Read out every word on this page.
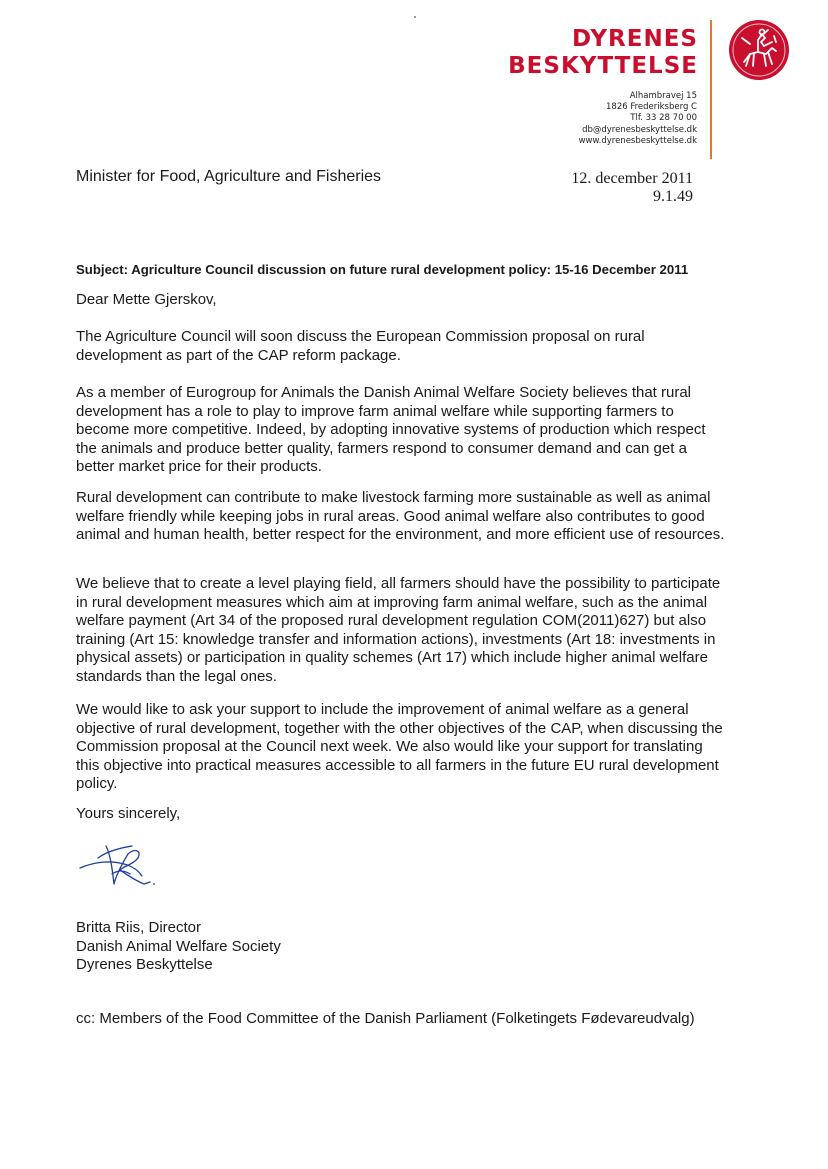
DYRENES
BESKYTTELSE
Alhambravej 15
1826 Frederiksberg C
Tlf. 33 28 70 00
db@dyrenesbeskyttelse.dk
www.dyrenesbeskyttelse.dk

Minister for Food, Agriculture and Fisheries	12. december 2011
9.1.49

Subject: Agriculture Council discussion on future rural development policy: 15-16 December 2011

Dear Mette Gjerskov,

The Agriculture Council will soon discuss the European Commission proposal on rural development as part of the CAP reform package.

As a member of Eurogroup for Animals the Danish Animal Welfare Society believes that rural development has a role to play to improve farm animal welfare while supporting farmers to become more competitive. Indeed, by adopting innovative systems of production which respect the animals and produce better quality, farmers respond to consumer demand and can get a better market price for their products.

Rural development can contribute to make livestock farming more sustainable as well as animal welfare friendly while keeping jobs in rural areas. Good animal welfare also contributes to good animal and human health, better respect for the environment, and more efficient use of resources.

We believe that to create a level playing field, all farmers should have the possibility to participate in rural development measures which aim at improving farm animal welfare, such as the animal welfare payment (Art 34 of the proposed rural development regulation COM(2011)627) but also training (Art 15: knowledge transfer and information actions), investments (Art 18: investments in physical assets) or participation in quality schemes (Art 17) which include higher animal welfare standards than the legal ones.

We would like to ask your support to include the improvement of animal welfare as a general objective of rural development, together with the other objectives of the CAP, when discussing the Commission proposal at the Council next week. We also would like your support for translating this objective into practical measures accessible to all farmers in the future EU rural development policy.

Yours sincerely,

Britta Riis, Director
Danish Animal Welfare Society
Dyrenes Beskyttelse

cc: Members of the Food Committee of the Danish Parliament (Folketingets Fødevareudvalg)
